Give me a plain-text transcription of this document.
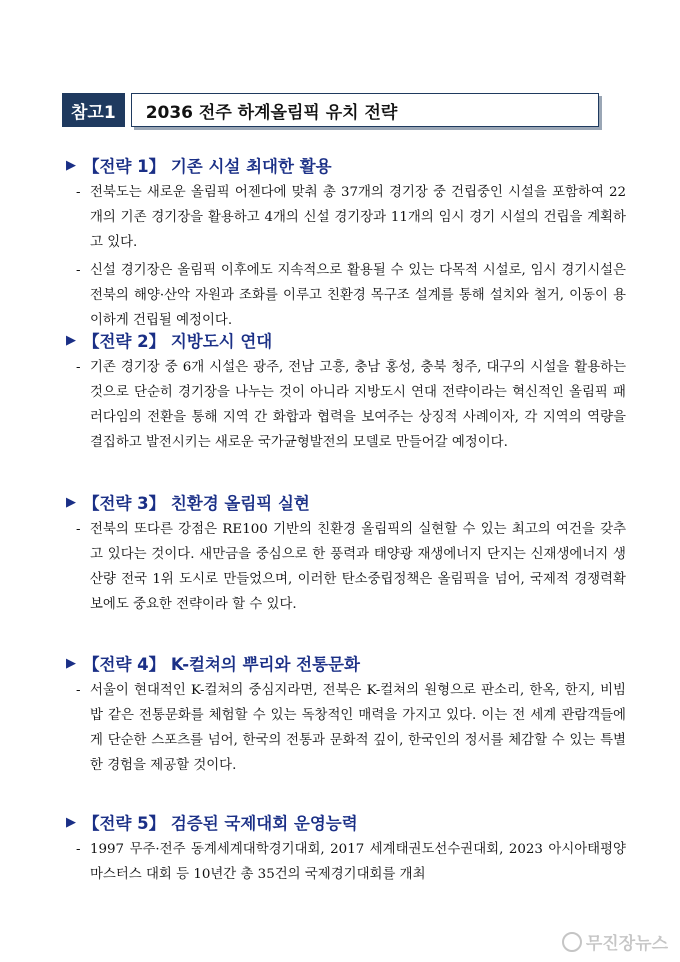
참고1	2036 전주 하계올림픽 유치 전략
▶ 【전략 1】 기존 시설 최대한 활용
- 전북도는 새로운 올림픽 어젠다에 맞춰 총 37개의 경기장 중 건립중인 시설을 포함하여 22개의 기존 경기장을 활용하고 4개의 신설 경기장과 11개의 임시 경기 시설의 건립을 계획하고 있다.
- 신설 경기장은 올림픽 이후에도 지속적으로 활용될 수 있는 다목적 시설로, 임시 경기시설은 전북의 해양·산악 자원과 조화를 이루고 친환경 목구조 설계를 통해 설치와 철거, 이동이 용이하게 건립될 예정이다.
▶ 【전략 2】 지방도시 연대
- 기존 경기장 중 6개 시설은 광주, 전남 고흥, 충남 홍성, 충북 청주, 대구의 시설을 활용하는 것으로 단순히 경기장을 나누는 것이 아니라 지방도시 연대 전략이라는 혁신적인 올림픽 패러다임의 전환을 통해 지역 간 화합과 협력을 보여주는 상징적 사례이자, 각 지역의 역량을 결집하고 발전시키는 새로운 국가균형발전의 모델로 만들어갈 예정이다.
▶ 【전략 3】 친환경 올림픽 실현
- 전북의 또다른 강점은 RE100 기반의 친환경 올림픽의 실현할 수 있는 최고의 여건을 갖추고 있다는 것이다. 새만금을 중심으로 한 풍력과 태양광 재생에너지 단지는 신재생에너지 생산량 전국 1위 도시로 만들었으며, 이러한 탄소중립정책은 올림픽을 넘어, 국제적 경쟁력확보에도 중요한 전략이라 할 수 있다.
▶ 【전략 4】 K-컬쳐의 뿌리와 전통문화
- 서울이 현대적인 K-컬쳐의 중심지라면, 전북은 K-컬쳐의 원형으로 판소리, 한옥, 한지, 비빔밥 같은 전통문화를 체험할 수 있는 독창적인 매력을 가지고 있다. 이는 전 세계 관람객들에게 단순한 스포츠를 넘어, 한국의 전통과 문화적 깊이, 한국인의 정서를 체감할 수 있는 특별한 경험을 제공할 것이다.
▶ 【전략 5】 검증된 국제대회 운영능력
- 1997 무주·전주 동계세계대학경기대회, 2017 세계태권도선수권대회, 2023 아시아태평양 마스터스 대회 등 10년간 총 35건의 국제경기대회를 개최
무진장뉴스
